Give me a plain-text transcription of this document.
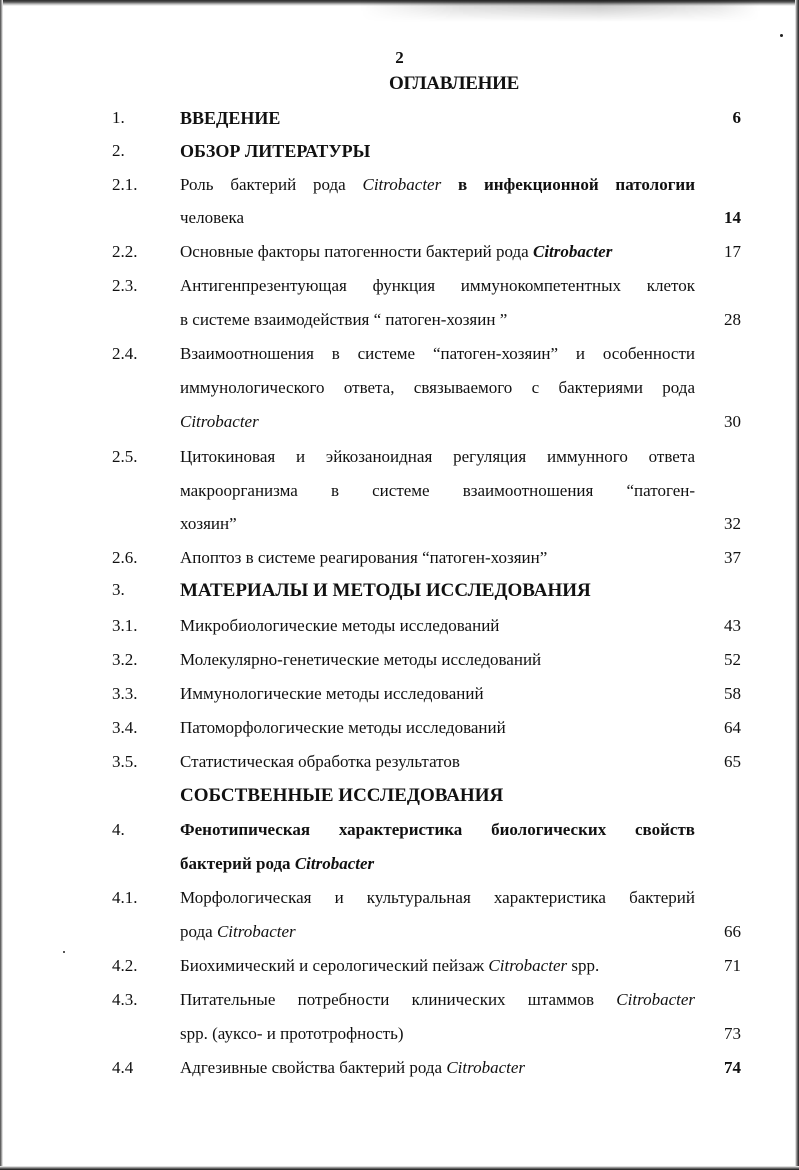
2
ОГЛАВЛЕНИЕ
1.	ВВЕДЕНИЕ	6
2.	ОБЗОР ЛИТЕРАТУРЫ
2.1.	Роль бактерий рода Citrobacter в инфекционной патологии
человека	14
2.2.	Основные факторы патогенности бактерий рода Citrobacter	17
2.3.	Антигенпрезентующая функция иммунокомпетентных клеток
в системе взаимодействия “ патоген-хозяин ”	28
2.4.	Взаимоотношения в системе “патоген-хозяин” и особенности
иммунологического ответа, связываемого с бактериями рода
Citrobacter	30
2.5.	Цитокиновая и эйкозаноидная регуляция иммунного ответа
макроорганизма в системе взаимоотношения “патоген-
хозяин”	32
2.6.	Апоптоз в системе реагирования “патоген-хозяин”	37
3.	МАТЕРИАЛЫ И МЕТОДЫ ИССЛЕДОВАНИЯ
3.1.	Микробиологические методы исследований	43
3.2.	Молекулярно-генетические методы исследований	52
3.3.	Иммунологические методы исследований	58
3.4.	Патоморфологические методы исследований	64
3.5.	Статистическая обработка результатов	65
СОБСТВЕННЫЕ ИССЛЕДОВАНИЯ
4.	Фенотипическая характеристика биологических свойств
бактерий рода Citrobacter
4.1.	Морфологическая и культуральная характеристика бактерий
рода Citrobacter	66
4.2.	Биохимический и серологический пейзаж Citrobacter spp.	71
4.3.	Питательные потребности клинических штаммов Citrobacter
spp. (ауксо- и прототрофность)	73
4.4	Адгезивные свойства бактерий рода Citrobacter	74
